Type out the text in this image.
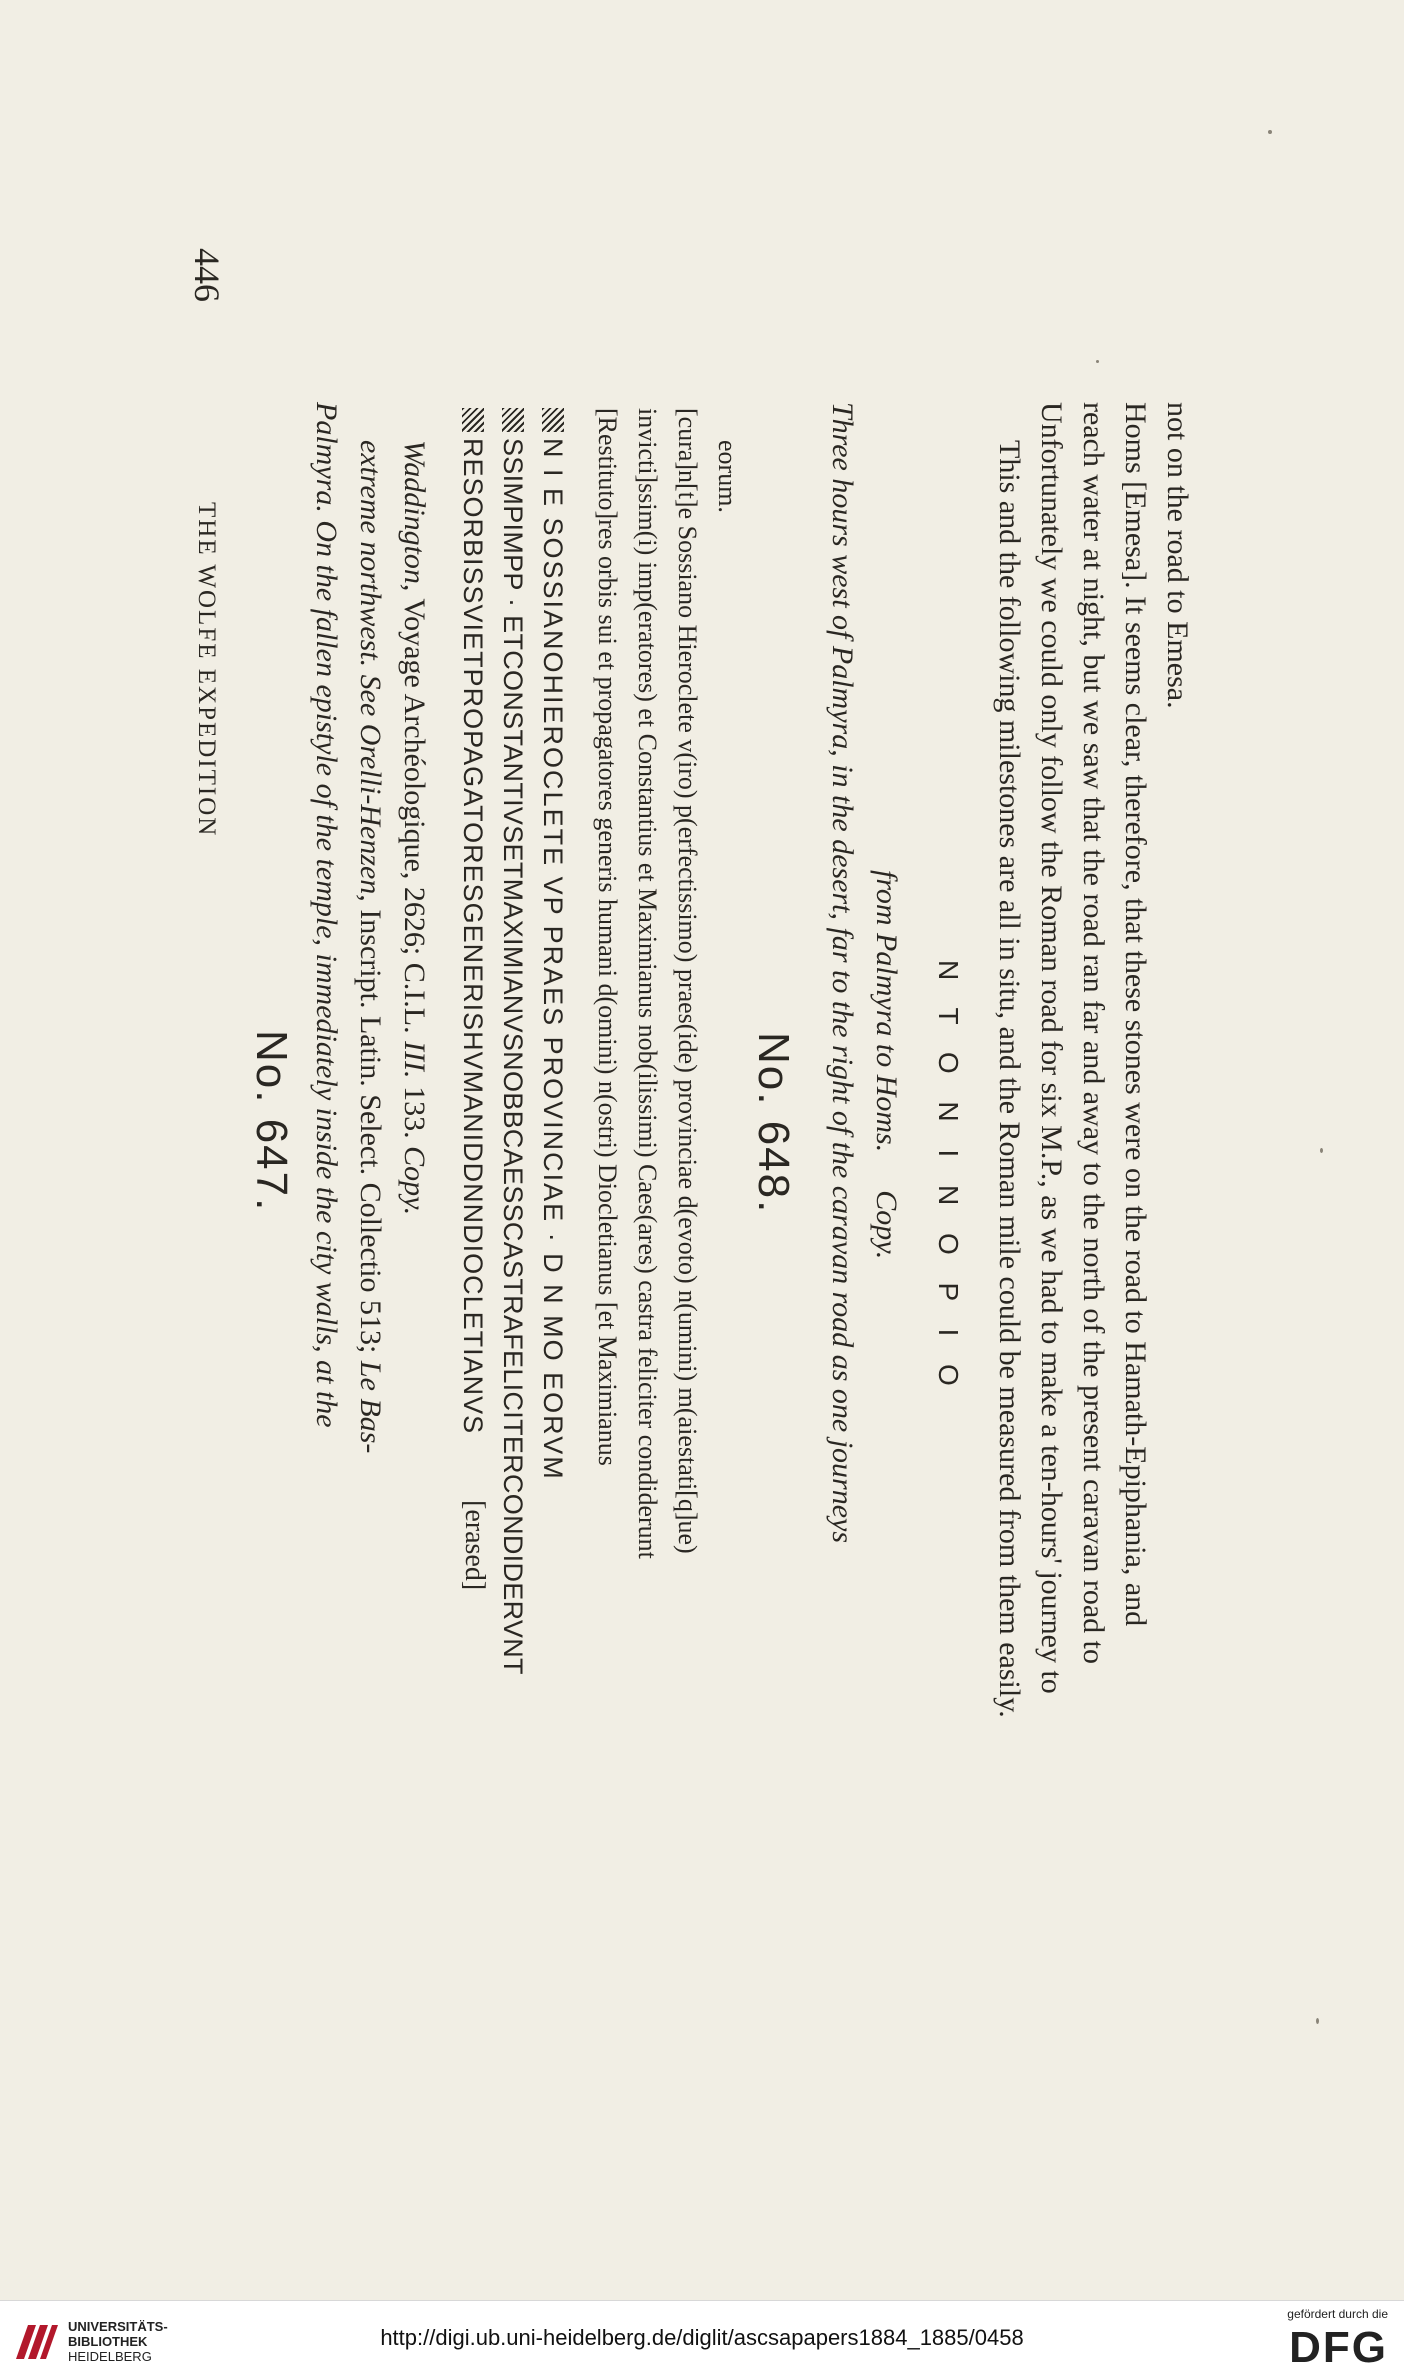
446
THE WOLFE EXPEDITION
No. 647. Palmyra. On the fallen epistyle of the temple, immediately inside the city walls, at the extreme northwest. See Orelli-Henzen, Inscript. Latin. Select. Collectio 513; Le Bas-
Waddington, Voyage Archéologique, 2626; C.I.L. III. 133. Copy. RESORBISSVIETPROPAGATORESGENERISHVMANIDDNNDIOCLETIANVS
[erased] SSIMPIMPP · ETCONSTANTIVSETMAXIMIANVSNOBBCAESSCASTRAFELICITERCONDIDERVNT N I E SOSSIANOHIEROCLETE VP PRAES PROVINCIAE · D N MO EORVM [Restituto]res orbis sui et propagatores generis humani d(omini) n(ostri) Diocletianus [et Maximianus invicti]ssim(i) imp(eratores) et Constantius et Maximianus nob(ilissimi) Caes(ares) castra feliciter condiderunt [cura]n[t]e Sossiano Hieroclete v(iro) p(erfectissimo) praes(ide) provinciae d(evoto) n(umini) m(aiestati[q]ue) eorum.
No. 648. Three hours west of Palmyra, in the desert, far to the right of the caravan road as one journeys from Palmyra to Homs.Copy. N T O N I N O P I O This and the following milestones are all in situ, and the Roman mile could be measured from them easily. Unfortunately we could only follow the Roman road for six M.P., as we had to make a ten-hours' journey to reach water at night, but we saw that the road ran far and away to the north of the present caravan road to Homs [Emesa]. It seems clear, therefore, that these stones were on the road to Hamath-Epiphania, and not on the road to Emesa.
UNIVERSITÄTS-
BIBLIOTHEK
HEIDELBERG
http://digi.ub.uni-heidelberg.de/diglit/ascsapapers1884_1885/0458
gefördert durch die
DFG
